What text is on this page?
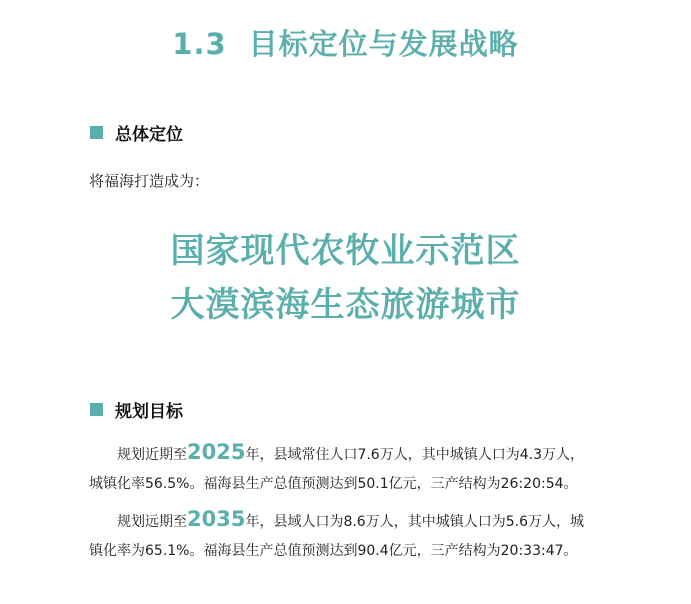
1.3 目标定位与发展战略
总体定位
将福海打造成为：
国家现代农牧业示范区
大漠滨海生态旅游城市
规划目标
规划近期至2025年，县域常住人口7.6万人，其中城镇人口为4.3万人，
城镇化率56.5%。福海县生产总值预测达到50.1亿元，三产结构为26:20:54。
规划远期至2035年，县域人口为8.6万人，其中城镇人口为5.6万人，城
镇化率为65.1%。福海县生产总值预测达到90.4亿元，三产结构为20:33:47。
